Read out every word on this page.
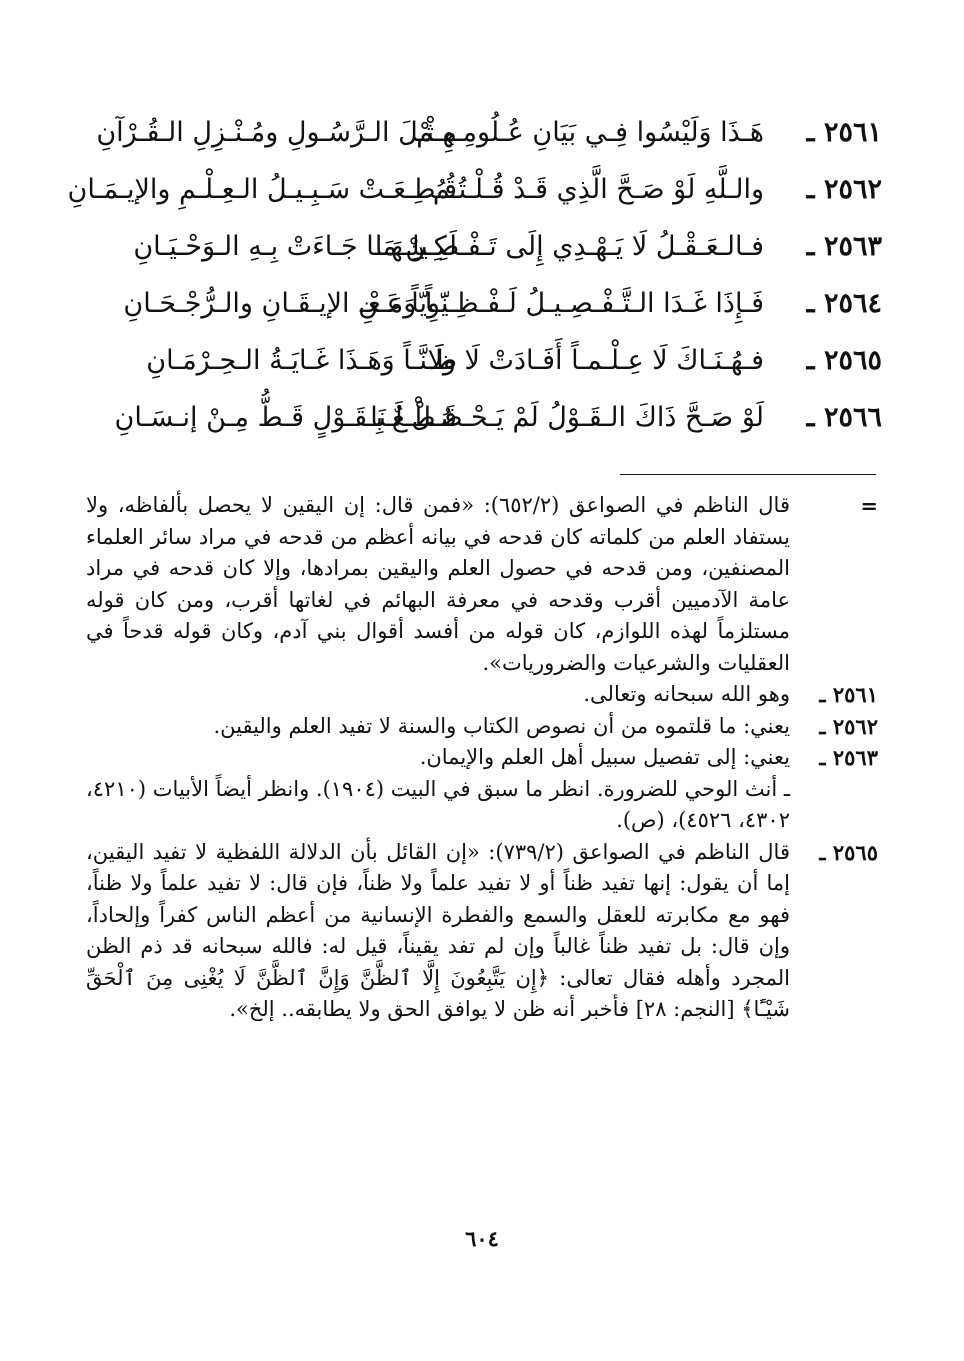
٢٥٦١ ـ
هَـذَا وَلَيْسُوا فِـي بَيَانِ عُـلُومِـهِـمْ
مِـثْـلَ الـرَّسُـولِ ومُـنْـزِلِ الـقُـرْآنِ
٢٥٦٢ ـ
والـلَّهِ لَوْ صَـحَّ الَّذِي قَـدْ قُـلْـتُـمُ
قُـطِـعَـتْ سَـبِـيـلُ الـعِـلْـمِ والإيـمَـانِ
٢٥٦٣ ـ
فـالـعَـقْـلُ لَا يَـهْـدِي إِلَى تَـفْـصِـيلِـهَـا
لَكِـنْ مَـا جَـاءَتْ بِـهِ الـوَحْـيَـانِ
٢٥٦٤ ـ
فَـإِذَا غَـدَا الـتَّـفْـصِـيـلُ لَـفْـظِـيّـاً وَمَـعْـ
ـنَوِيّاً عَـنِ الإيـقَـانِ والـرُّجْـحَـانِ
٢٥٦٥ ـ
فـهُـنَـاكَ لَا عِـلْـمـاً أَفَـادَتْ لَا ولَا
ظَـنَّـاً وَهَـذَا غَـايَـةُ الـحِـرْمَـانِ
٢٥٦٦ ـ
لَوْ صَـحَّ ذَاكَ الـقَـوْلُ لَمْ يَـحْـصُـلْ لَـنَا
قَـطْـعٌ بِـقَـوْلٍ قَـطُّ مِـنْ إنـسَـانِ
=
قال الناظم في الصواعق (٦٥٢/٢): «فمن قال: إن اليقين لا يحصل بألفاظه، ولا يستفاد العلم من كلماته كان قدحه في بيانه أعظم من قدحه في مراد سائر العلماء المصنفين، ومن قدحه في حصول العلم واليقين بمرادها، وإلا كان قدحه في مراد عامة الآدميين أقرب وقدحه في معرفة البهائم في لغاتها أقرب، ومن كان قوله مستلزماً لهذه اللوازم، كان قوله من أفسد أقوال بني آدم، وكان قوله قدحاً في العقليات والشرعيات والضروريات».
٢٥٦١ ـ
وهو الله سبحانه وتعالى.
٢٥٦٢ ـ
يعني: ما قلتموه من أن نصوص الكتاب والسنة لا تفيد العلم واليقين.
٢٥٦٣ ـ
يعني: إلى تفصيل سبيل أهل العلم والإيمان.
ـ أنث الوحي للضرورة. انظر ما سبق في البيت (١٩٠٤). وانظر أيضاً الأبيات (٤٢١٠، ٤٣٠٢، ٤٥٢٦)، (ص).
٢٥٦٥ ـ
قال الناظم في الصواعق (٧٣٩/٢): «إن القائل بأن الدلالة اللفظية لا تفيد اليقين، إما أن يقول: إنها تفيد ظناً أو لا تفيد علماً ولا ظناً، فإن قال: لا تفيد علماً ولا ظناً، فهو مع مكابرته للعقل والسمع والفطرة الإنسانية من أعظم الناس كفراً وإلحاداً، وإن قال: بل تفيد ظناً غالباً وإن لم تفد يقيناً، قيل له: فالله سبحانه قد ذم الظن المجرد وأهله فقال تعالى: ﴿إِن يَتَّبِعُونَ إِلَّا ٱلظَّنَّ وَإِنَّ ٱلظَّنَّ لَا يُغْنِى مِنَ ٱلْحَقِّ شَيْـًٔا﴾ [النجم: ٢٨] فأخبر أنه ظن لا يوافق الحق ولا يطابقه.. إلخ».
٦٠٤
